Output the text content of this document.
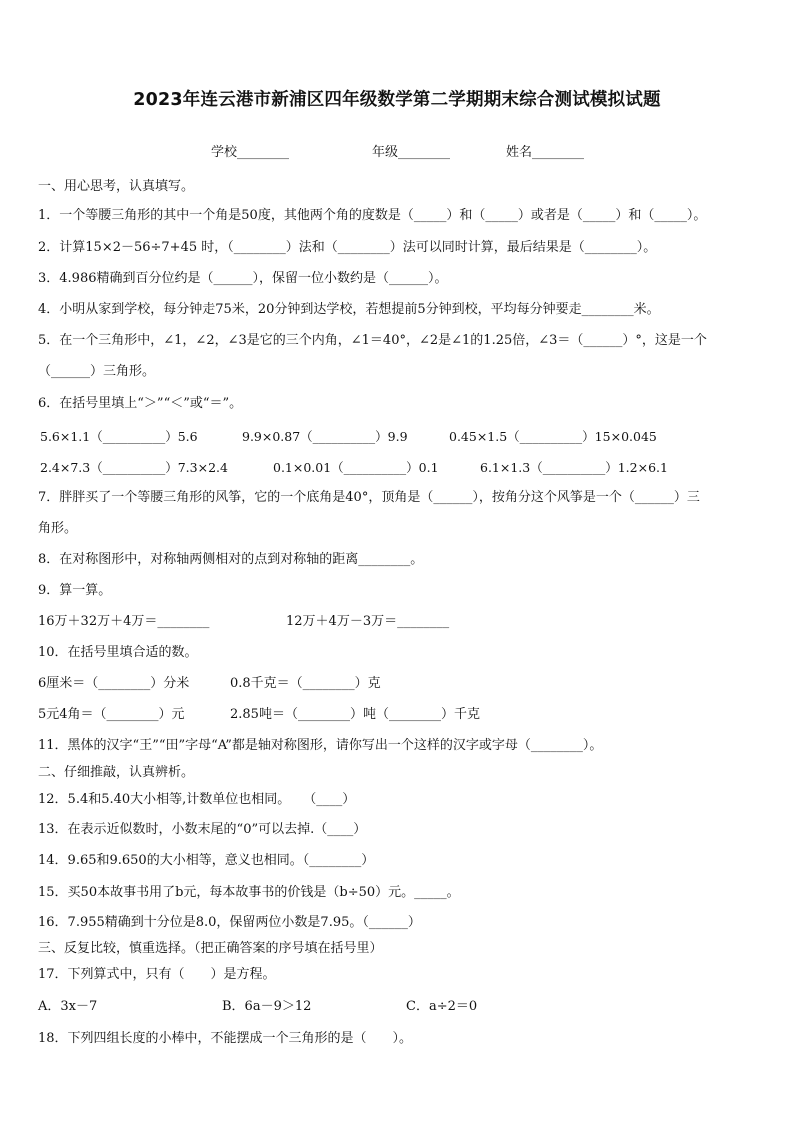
2023年连云港市新浦区四年级数学第二学期期末综合测试模拟试题
学校________	年级________	姓名________
一、用心思考，认真填写。
1．一个等腰三角形的其中一个角是50度，其他两个角的度数是（_____）和（_____）或者是（_____）和（_____）。
2．计算15×2－56÷7+45 时，（________）法和（________）法可以同时计算，最后结果是（________）。
3．4.986精确到百分位约是（______），保留一位小数约是（______）。
4．小明从家到学校，每分钟走75米，20分钟到达学校，若想提前5分钟到校，平均每分钟要走________米。
5．在一个三角形中，∠1，∠2，∠3是它的三个内角，∠1＝40°，∠2是∠1的1.25倍，∠3＝（______）°，这是一个
（______）三角形。
6．在括号里填上“＞”“＜”或“＝”。
5.6×1.1（__________）5.6	9.9×0.87（__________）9.9	0.45×1.5（__________）15×0.045
2.4×7.3（__________）7.3×2.4	0.1×0.01（__________）0.1	6.1×1.3（__________）1.2×6.1
7．胖胖买了一个等腰三角形的风筝，它的一个底角是40°，顶角是（______），按角分这个风筝是一个（______）三
角形。
8．在对称图形中，对称轴两侧相对的点到对称轴的距离________。
9．算一算。
16万＋32万＋4万＝________	12万＋4万－3万＝________
10．在括号里填合适的数。
6厘米＝（________）分米	0.8千克＝（________）克
5元4角＝（________）元	2.85吨＝（________）吨（________）千克
11．黑体的汉字“王”“田”字母“A”都是轴对称图形，请你写出一个这样的汉字或字母（________）。
二、仔细推敲，认真辨析。
12．5.4和5.40大小相等,计数单位也相同。　　（____）
13．在表示近似数时，小数末尾的“0”可以去掉.（____）
14．9.65和9.650的大小相等，意义也相同。（________）
15．买50本故事书用了b元，每本故事书的价钱是（b÷50）元。_____。
16．7.955精确到十分位是8.0，保留两位小数是7.95。（______）
三、反复比较，慎重选择。（把正确答案的序号填在括号里）
17．下列算式中，只有（　　）是方程。
A．3x－7	B．6a－9＞12	C．a÷2＝0
18．下列四组长度的小棒中，不能摆成一个三角形的是（　　）。
